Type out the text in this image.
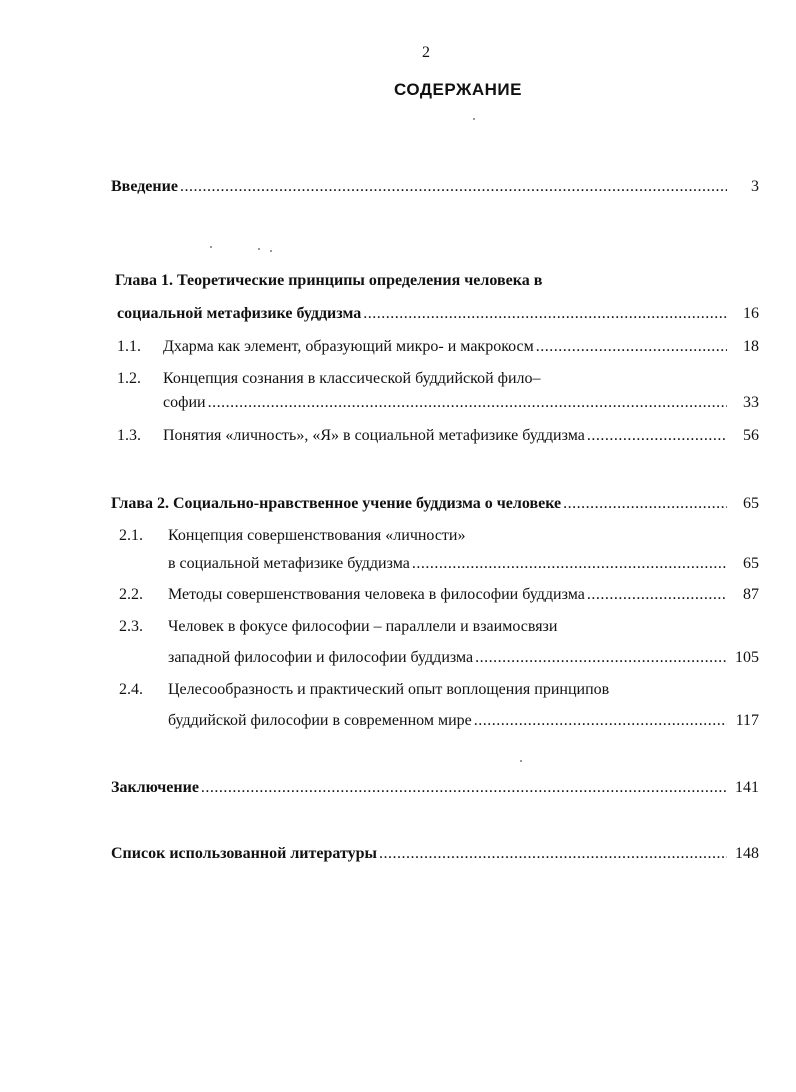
2
СОДЕРЖАНИЕ
Введение .....	3
Глава 1. Теоретические принципы определения человека в
социальной метафизике буддизма .....	16
1.1. Дхарма как элемент, образующий микро- и макрокосм .....	18
1.2. Концепция сознания в классической буддийской фило–
софии .....	33
1.3. Понятия «личность», «Я» в социальной метафизике буддизма .....	56
Глава 2. Социально-нравственное учение буддизма о человеке .....	65
2.1. Концепция совершенствования «личности»
в социальной метафизике буддизма .....	65
2.2. Методы совершенствования человека в философии буддизма .....	87
2.3. Человек в фокусе философии – параллели и взаимосвязи
западной философии и философии буддизма .....	105
2.4. Целесообразность и практический опыт воплощения принципов
буддийской философии в современном мире .....	117
Заключение .....	141
Список использованной литературы .....	148
